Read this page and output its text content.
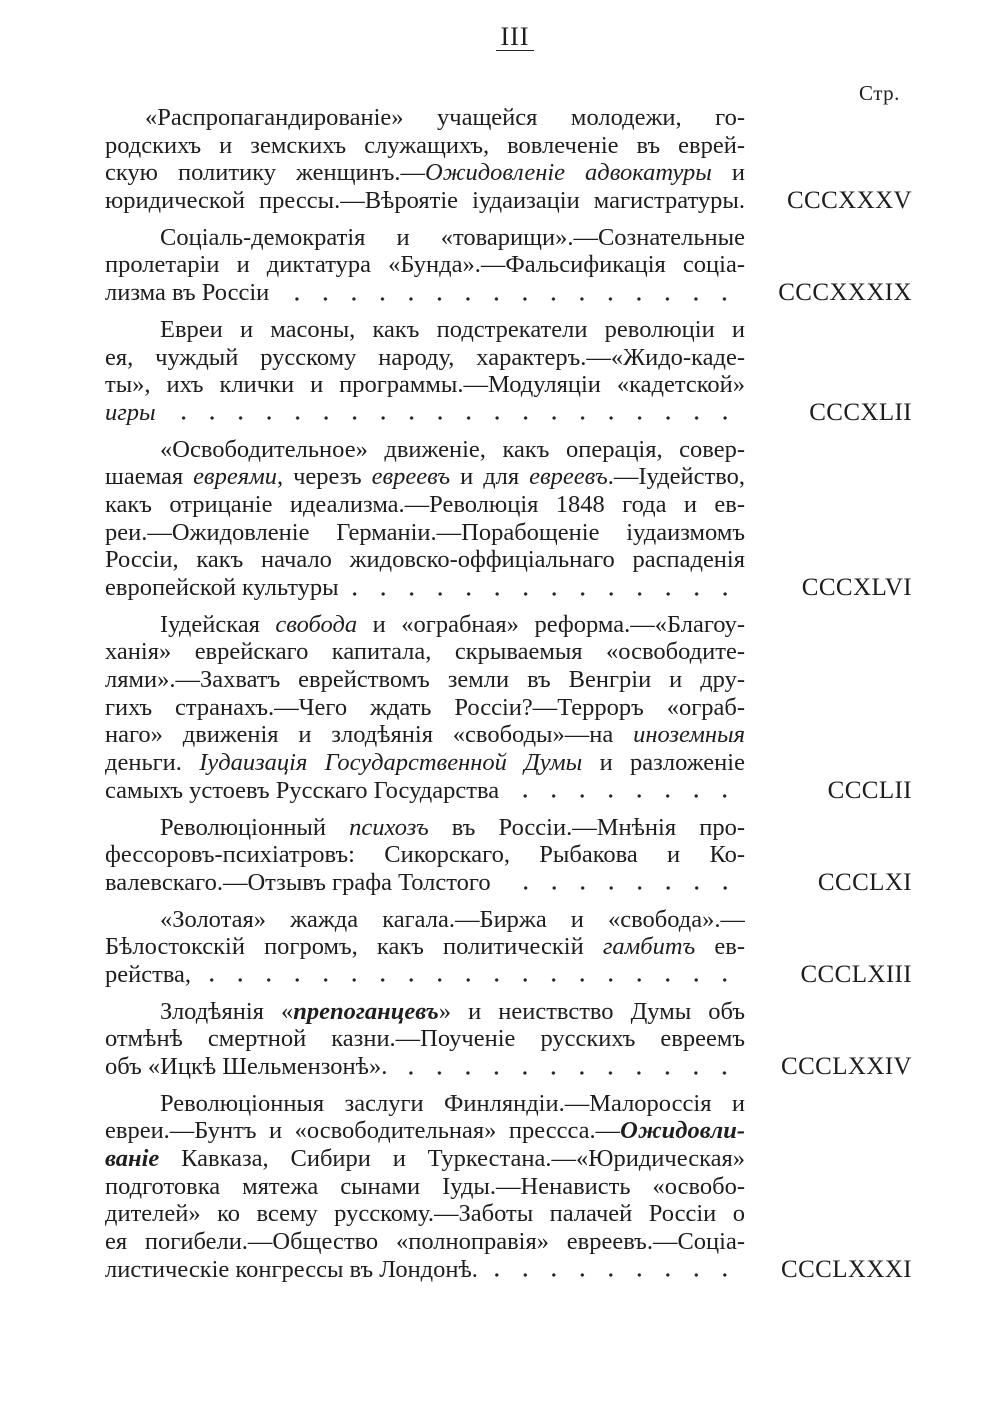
III
Стр.
«Распропагандированіе» учащейся молодежи, го-
родскихъ и земскихъ служащихъ, вовлеченіе въ еврей-
скую политику женщинъ.—Ожидовленіе адвокатуры и
юридической прессы.—Вѣроятіе іудаизаціи магистратуры.	CCCXXXV
Соціаль-демократія и «товарищи».—Сознательные
пролетаріи и диктатура «Бунда».—Фальсификація соціа-
лизма въ Россіи	CCCXXXIX
Евреи и масоны, какъ подстрекатели революціи и
ея, чуждый русскому народу, характеръ.—«Жидо-каде-
ты», ихъ клички и программы.—Модуляціи «кадетской»
игры	CCCXLII
«Освободительное» движеніе, какъ операція, совер-
шаемая евреями, черезъ евреевъ и для евреевъ.—Іудейство,
какъ отрицаніе идеализма.—Революція 1848 года и ев-
реи.—Ожидовленіе Германіи.—Порабощеніе іудаизмомъ
Россіи, какъ начало жидовско-оффиціальнаго распаденія
европейской культуры	CCCXLVI
Іудейская свобода и «ограбная» реформа.—«Благоу-
ханія» еврейскаго капитала, скрываемыя «освободите-
лями».—Захватъ еврействомъ земли въ Венгріи и дру-
гихъ странахъ.—Чего ждать Россіи?—Терроръ «ограб-
наго» движенія и злодѣянія «свободы»—на иноземныя
деньги. Іудаизація Государственной Думы и разложеніе
самыхъ устоевъ Русскаго Государства	CCCLII
Революціонный психозъ въ Россіи.—Мнѣнія про-
фессоровъ-психіатровъ: Сикорскаго, Рыбакова и Ко-
валевскаго.—Отзывъ графа Толстого	CCCLXI
«Золотая» жажда кагала.—Биржа и «свобода».—
Бѣлостокскій погромъ, какъ политическій гамбитъ ев-
рейства,	CCCLXIII
Злодѣянія «препоганцевъ» и неиствство Думы объ
отмѣнѣ смертной казни.—Поученіе русскихъ евреемъ
объ «Ицкѣ Шельмензонѣ».	CCCLXXIV
Революціонныя заслуги Финляндіи.—Малороссія и
евреи.—Бунтъ и «освободительная» прессса.—Ожидовли-
ваніе Кавказа, Сибири и Туркестана.—«Юридическая»
подготовка мятежа сынами Іуды.—Ненависть «освобо-
дителей» ко всему русскому.—Заботы палачей Россіи о
ея погибели.—Общество «полноправія» евреевъ.—Соціа-
листическіе конгрессы въ Лондонѣ.	CCCLXXXI
